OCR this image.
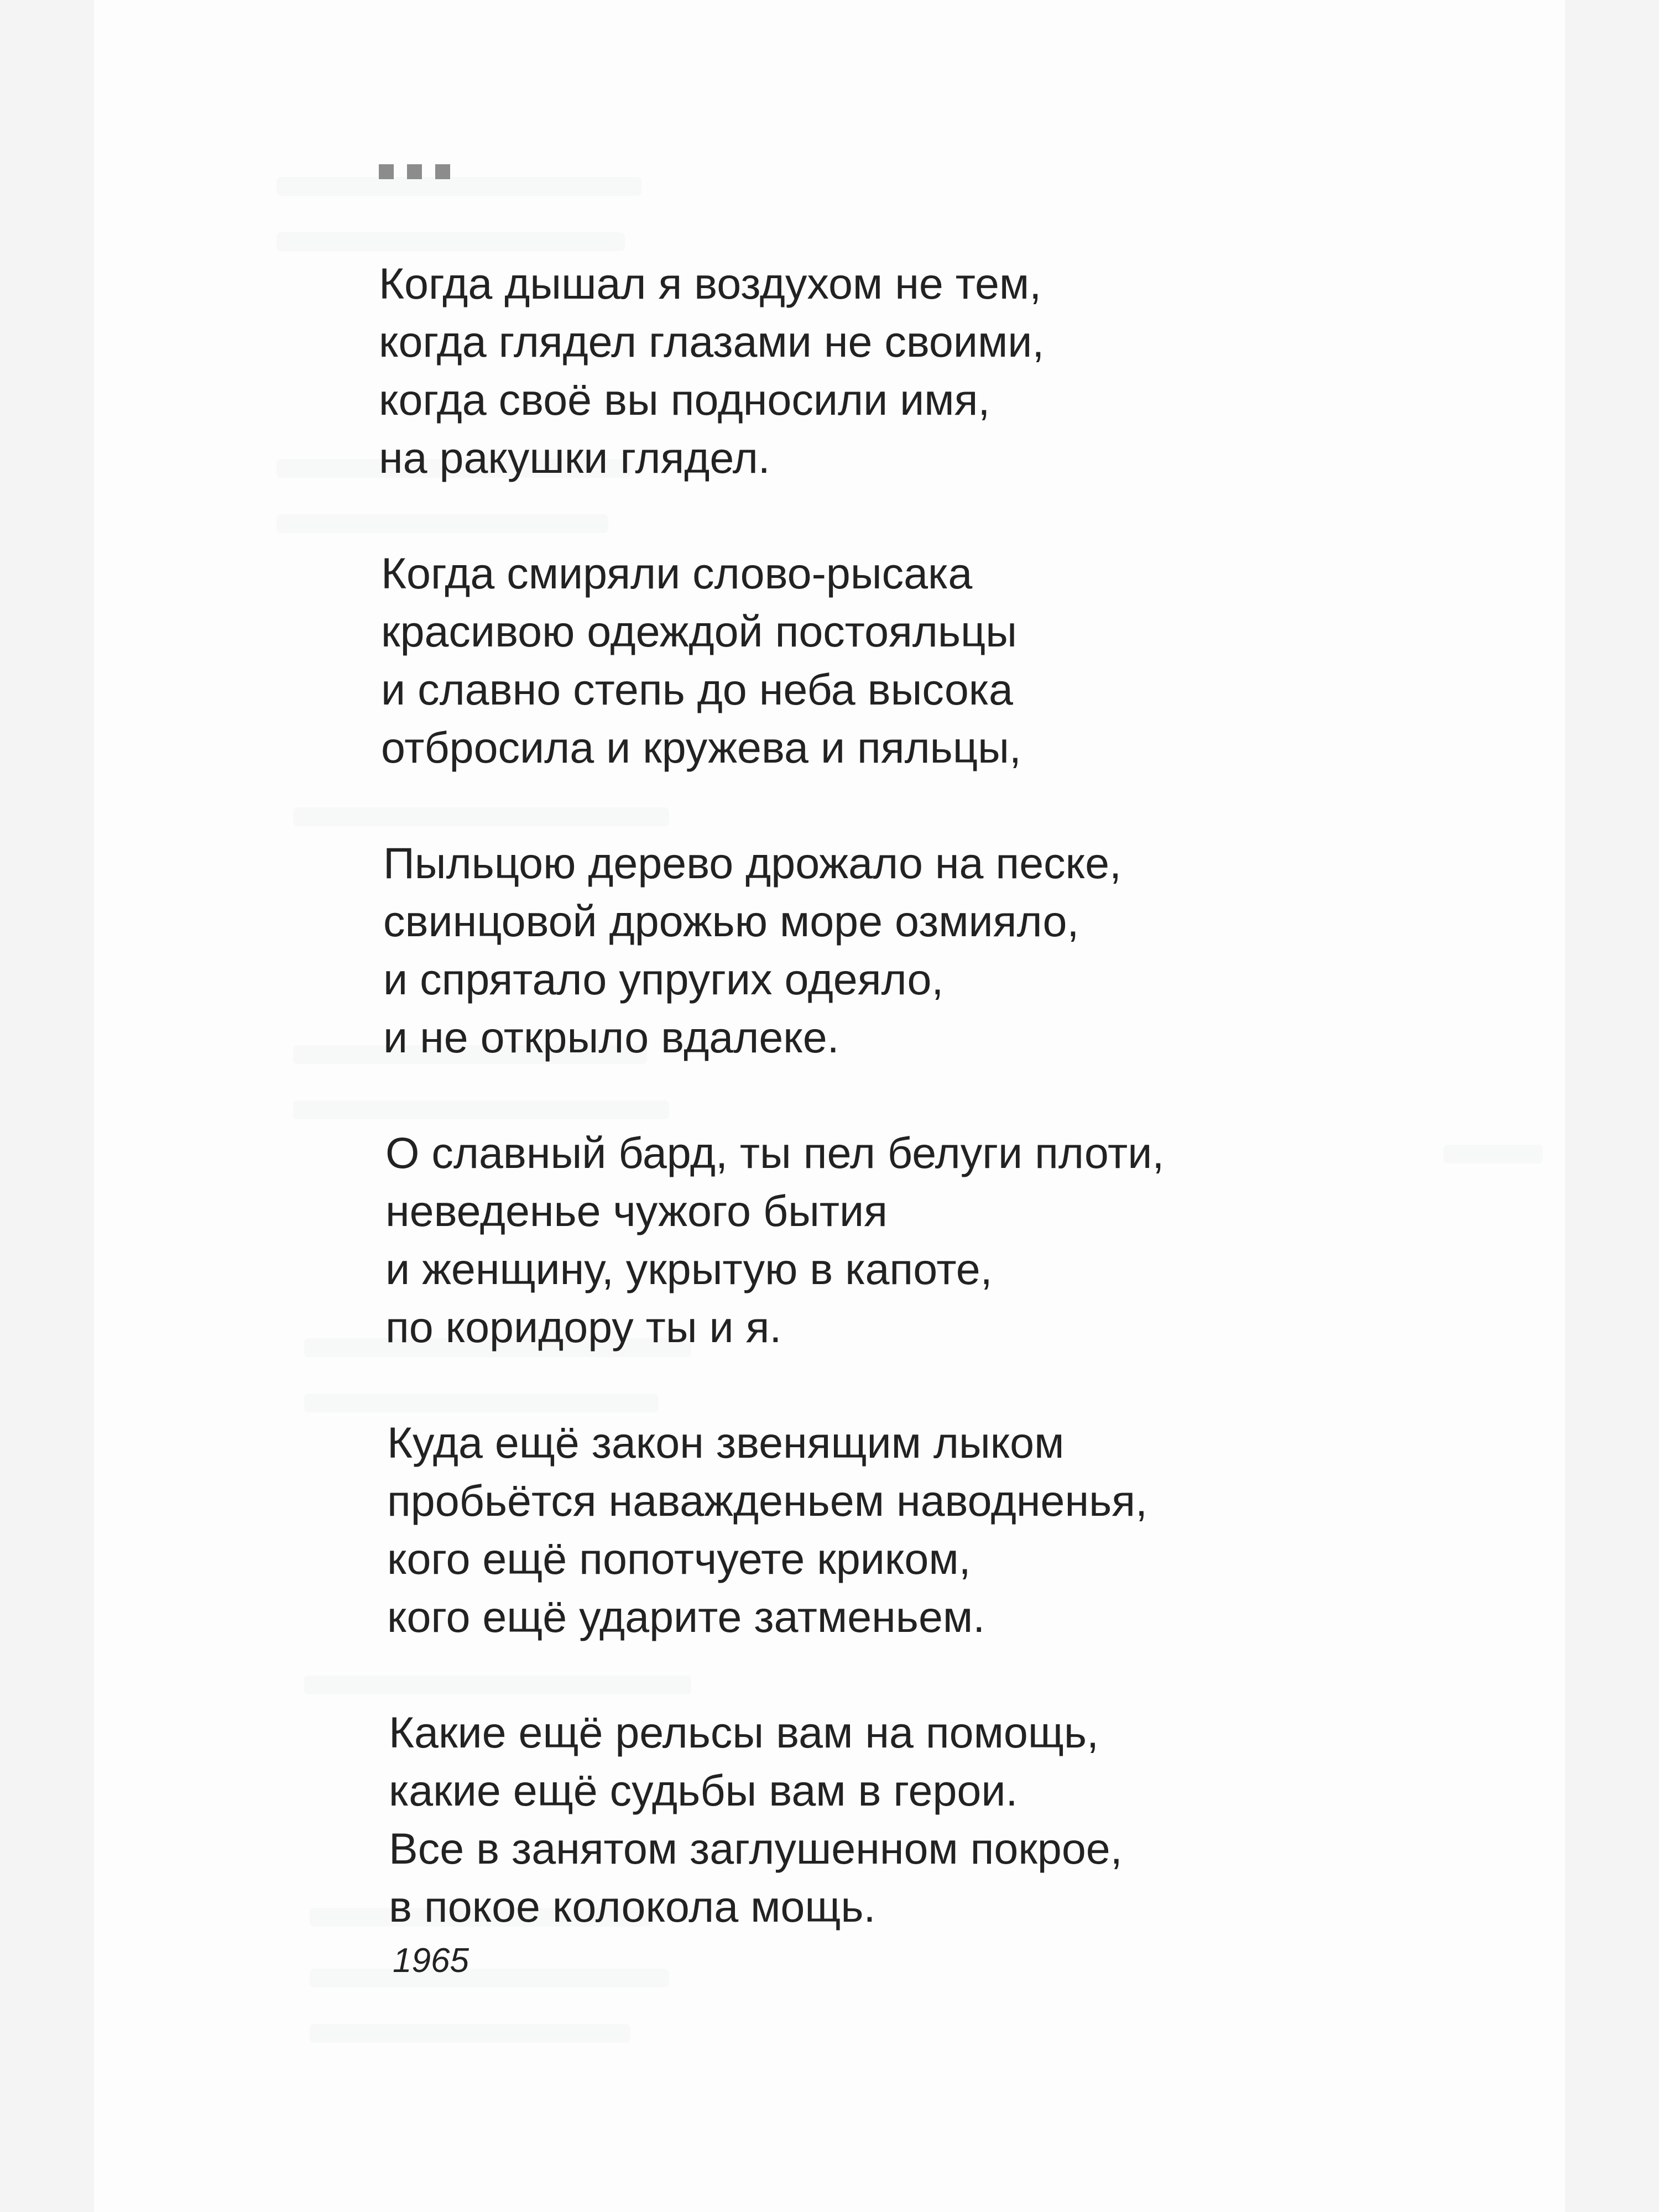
Когда дышал я воздухом не тем,
когда глядел глазами не своими,
когда своё вы подносили имя,
на ракушки глядел.
Когда смиряли слово-рысака
красивою одеждой постояльцы
и славно степь до неба высока
отбросила и кружева и пяльцы,
Пыльцою дерево дрожало на песке,
свинцовой дрожью море озмияло,
и спрятало упругих одеяло,
и не открыло вдалеке.
О славный бард, ты пел белуги плоти,
неведенье чужого бытия
и женщину, укрытую в капоте,
по коридору ты и я.
Куда ещё закон звенящим лыком
пробьётся наважденьем наводненья,
кого ещё попотчуете криком,
кого ещё ударите затменьем.
Какие ещё рельсы вам на помощь,
какие ещё судьбы вам в герои.
Все в занятом заглушенном покрое,
в покое колокола мощь.
1965
